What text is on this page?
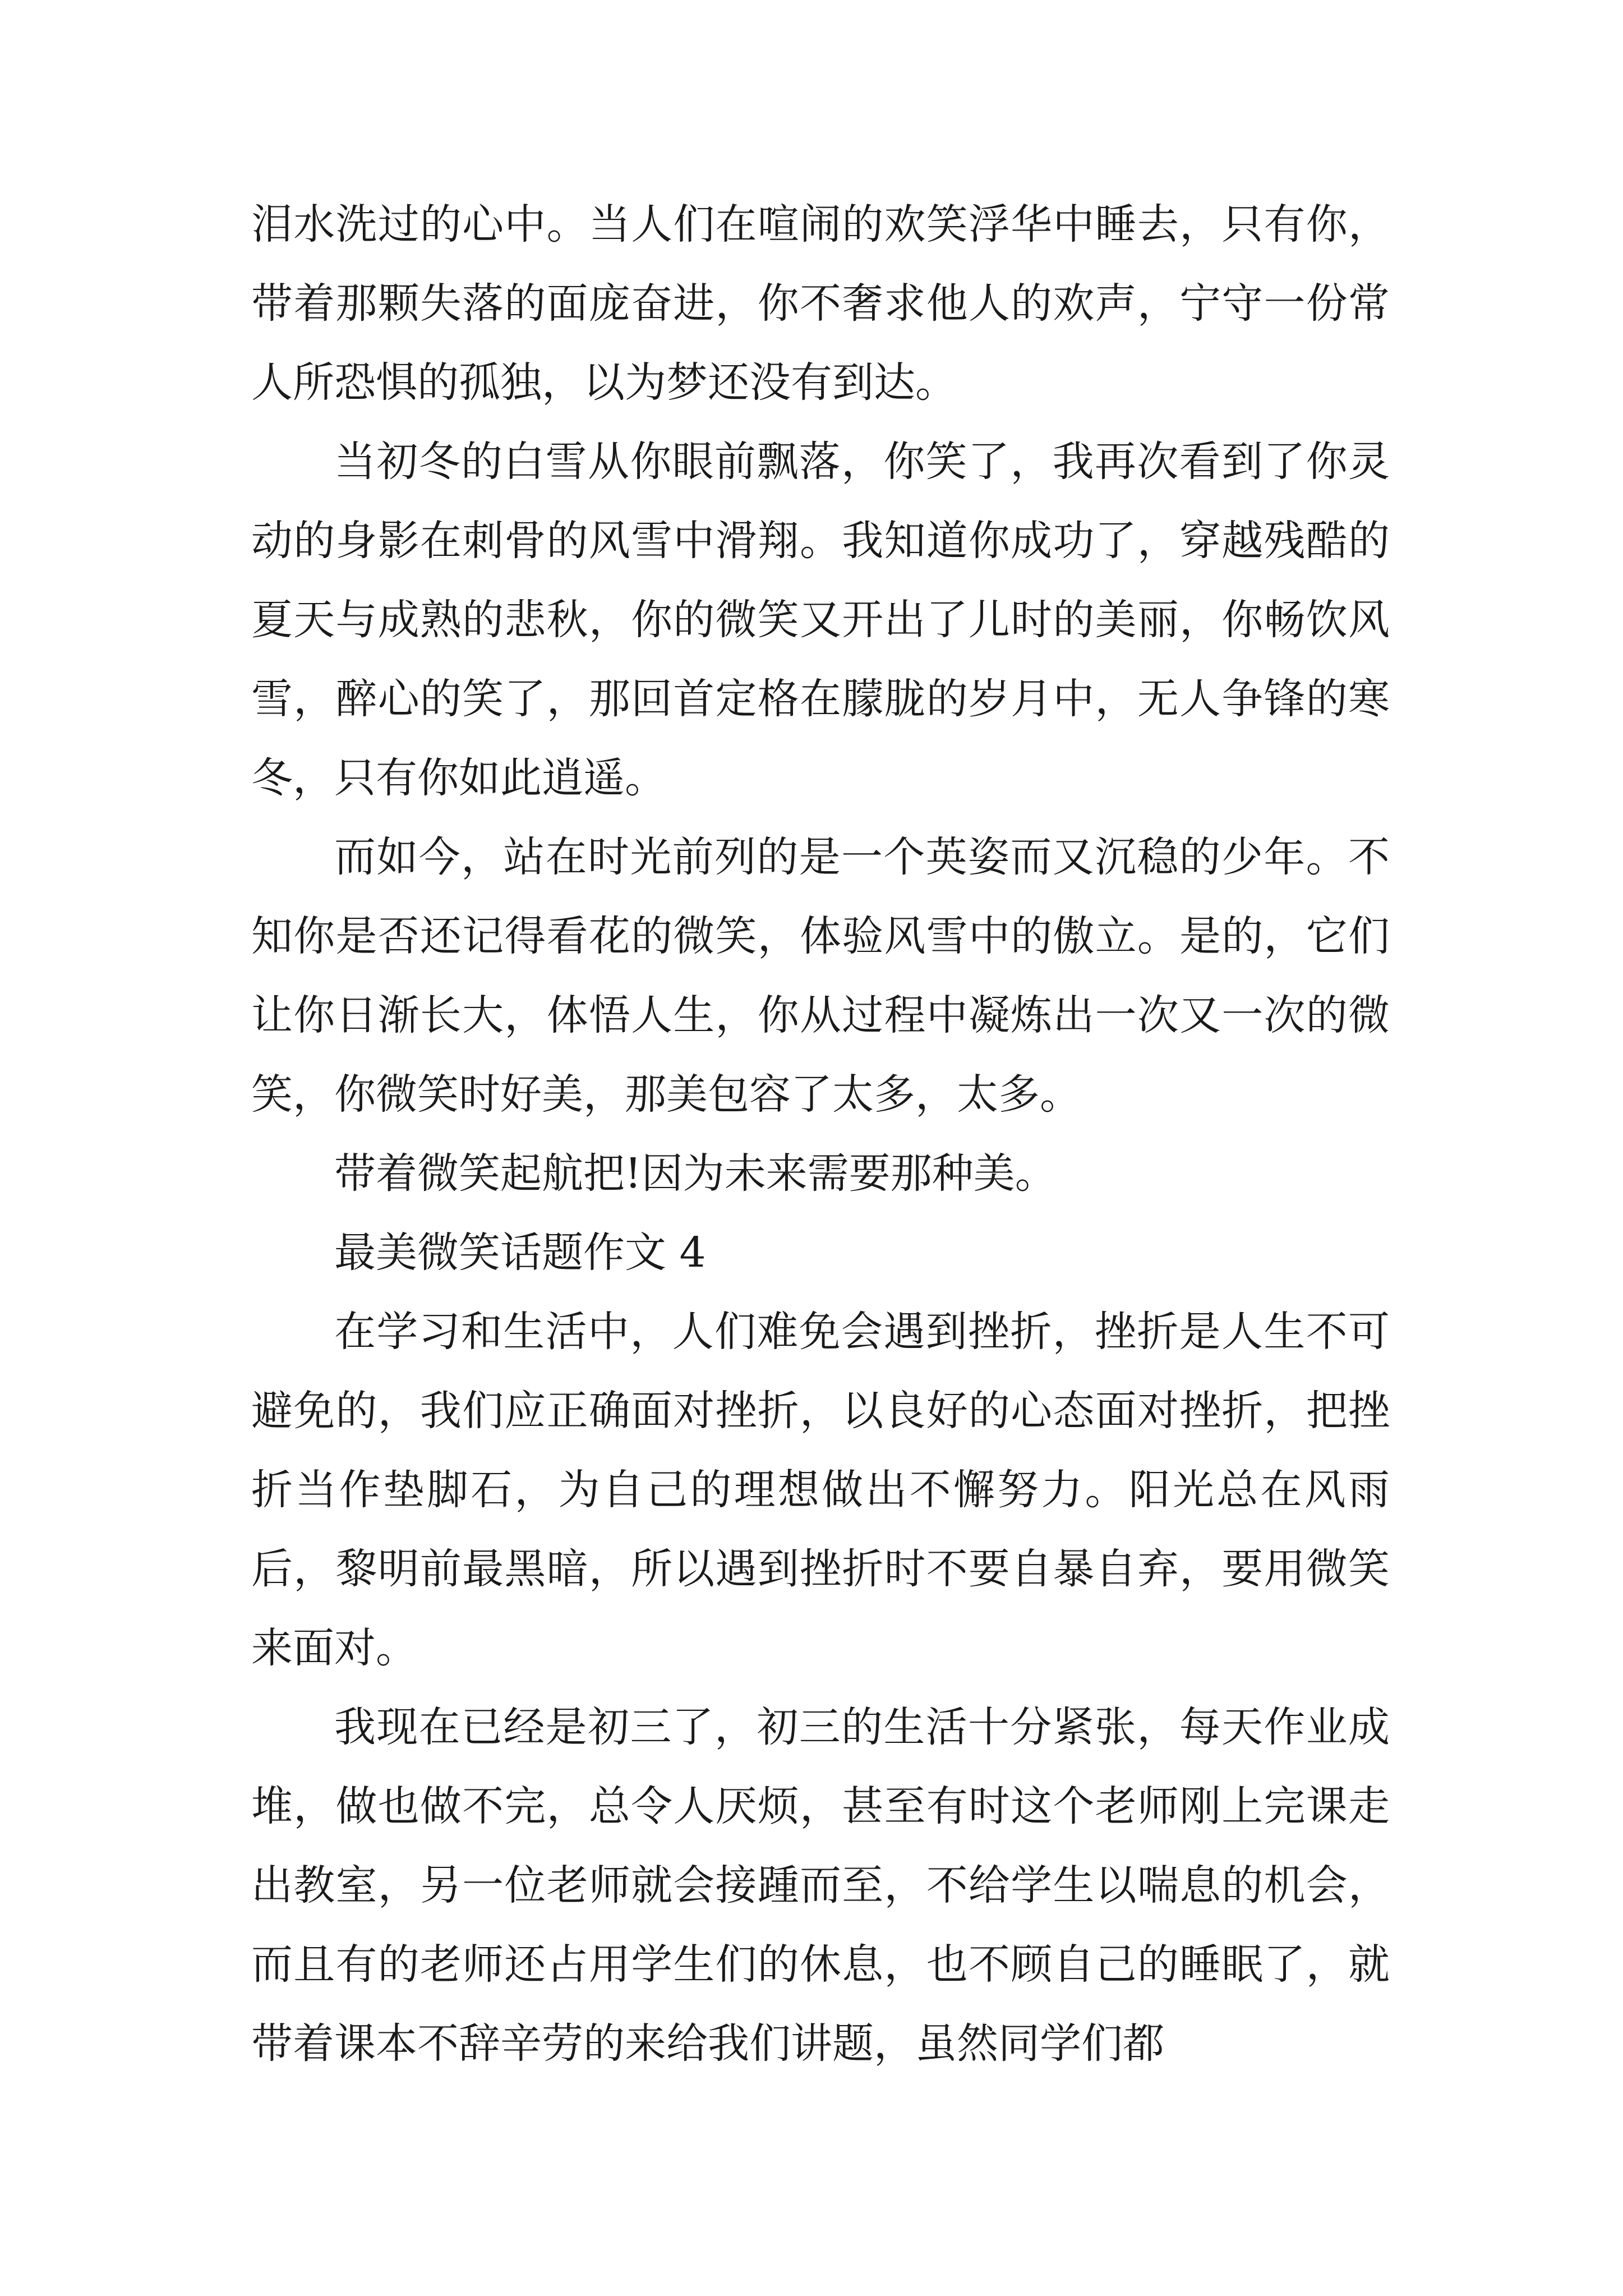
泪水洗过的心中。当人们在喧闹的欢笑浮华中睡去，只有你，带着那颗失落的面庞奋进，你不奢求他人的欢声，宁守一份常人所恐惧的孤独，以为梦还没有到达。

当初冬的白雪从你眼前飘落，你笑了，我再次看到了你灵动的身影在刺骨的风雪中滑翔。我知道你成功了，穿越残酷的夏天与成熟的悲秋，你的微笑又开出了儿时的美丽，你畅饮风雪，醉心的笑了，那回首定格在朦胧的岁月中，无人争锋的寒冬，只有你如此逍遥。

而如今，站在时光前列的是一个英姿而又沉稳的少年。不知你是否还记得看花的微笑，体验风雪中的傲立。是的，它们让你日渐长大，体悟人生，你从过程中凝炼出一次又一次的微笑，你微笑时好美，那美包容了太多，太多。

带着微笑起航把!因为未来需要那种美。

最美微笑话题作文 4

在学习和生活中，人们难免会遇到挫折，挫折是人生不可避免的，我们应正确面对挫折，以良好的心态面对挫折，把挫折当作垫脚石，为自己的理想做出不懈努力。阳光总在风雨后，黎明前最黑暗，所以遇到挫折时不要自暴自弃，要用微笑来面对。

我现在已经是初三了，初三的生活十分紧张，每天作业成堆，做也做不完，总令人厌烦，甚至有时这个老师刚上完课走出教室，另一位老师就会接踵而至，不给学生以喘息的机会，而且有的老师还占用学生们的休息，也不顾自己的睡眠了，就带着课本不辞辛劳的来给我们讲题，虽然同学们都
